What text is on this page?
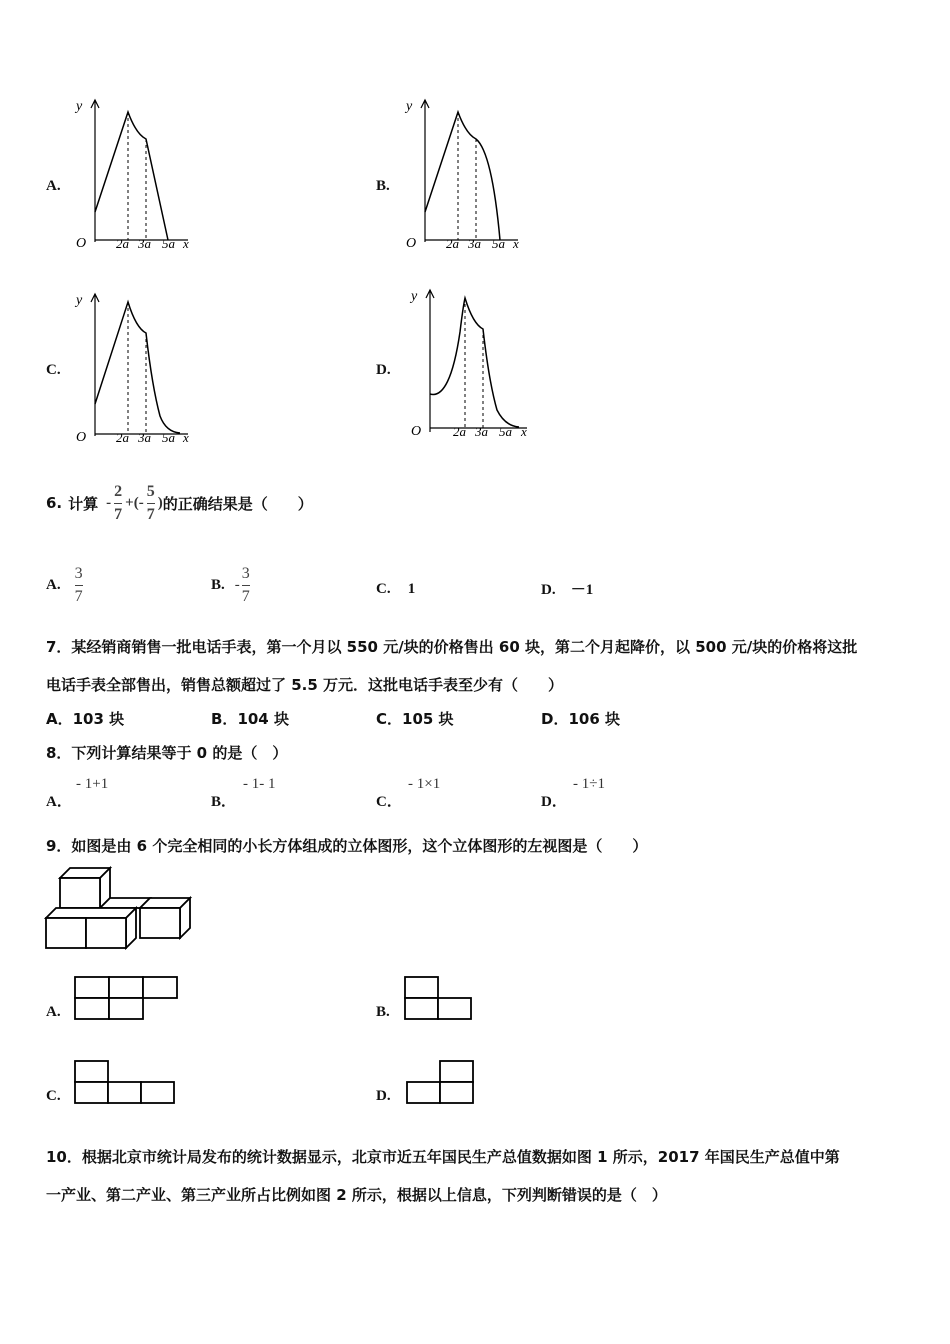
A.
y
O 2a 3a 5a x
B.
y
O 2a 3a 5a x
C.
y
O 2a 3a 5a x
D.
y
O 2a 3a 5a x
6. 计算 - $\frac{2}{7}$ +(- $\frac{5}{7}$ ) 的正确结果是（　　）
A. $\frac{3}{7}$	B. - $\frac{3}{7}$	C. 1	D. －1
7．某经销商销售一批电话手表，第一个月以 550 元/块的价格售出 60 块，第二个月起降价，以 500 元/块的价格将这批
电话手表全部售出，销售总额超过了 5.5 万元．这批电话手表至少有（　　）
A．103 块	B．104 块	C．105 块	D．106 块
8．下列计算结果等于 0 的是（　）
A．
- 1+1
B．
- 1- 1
C．
- 1×1
D．
- 1÷1
9．如图是由 6 个完全相同的小长方体组成的立体图形，这个立体图形的左视图是（　　）
A.	B.
C.	D.
10．根据北京市统计局发布的统计数据显示，北京市近五年国民生产总值数据如图 1 所示，2017 年国民生产总值中第
一产业、第二产业、第三产业所占比例如图 2 所示，根据以上信息，下列判断错误的是（　）
